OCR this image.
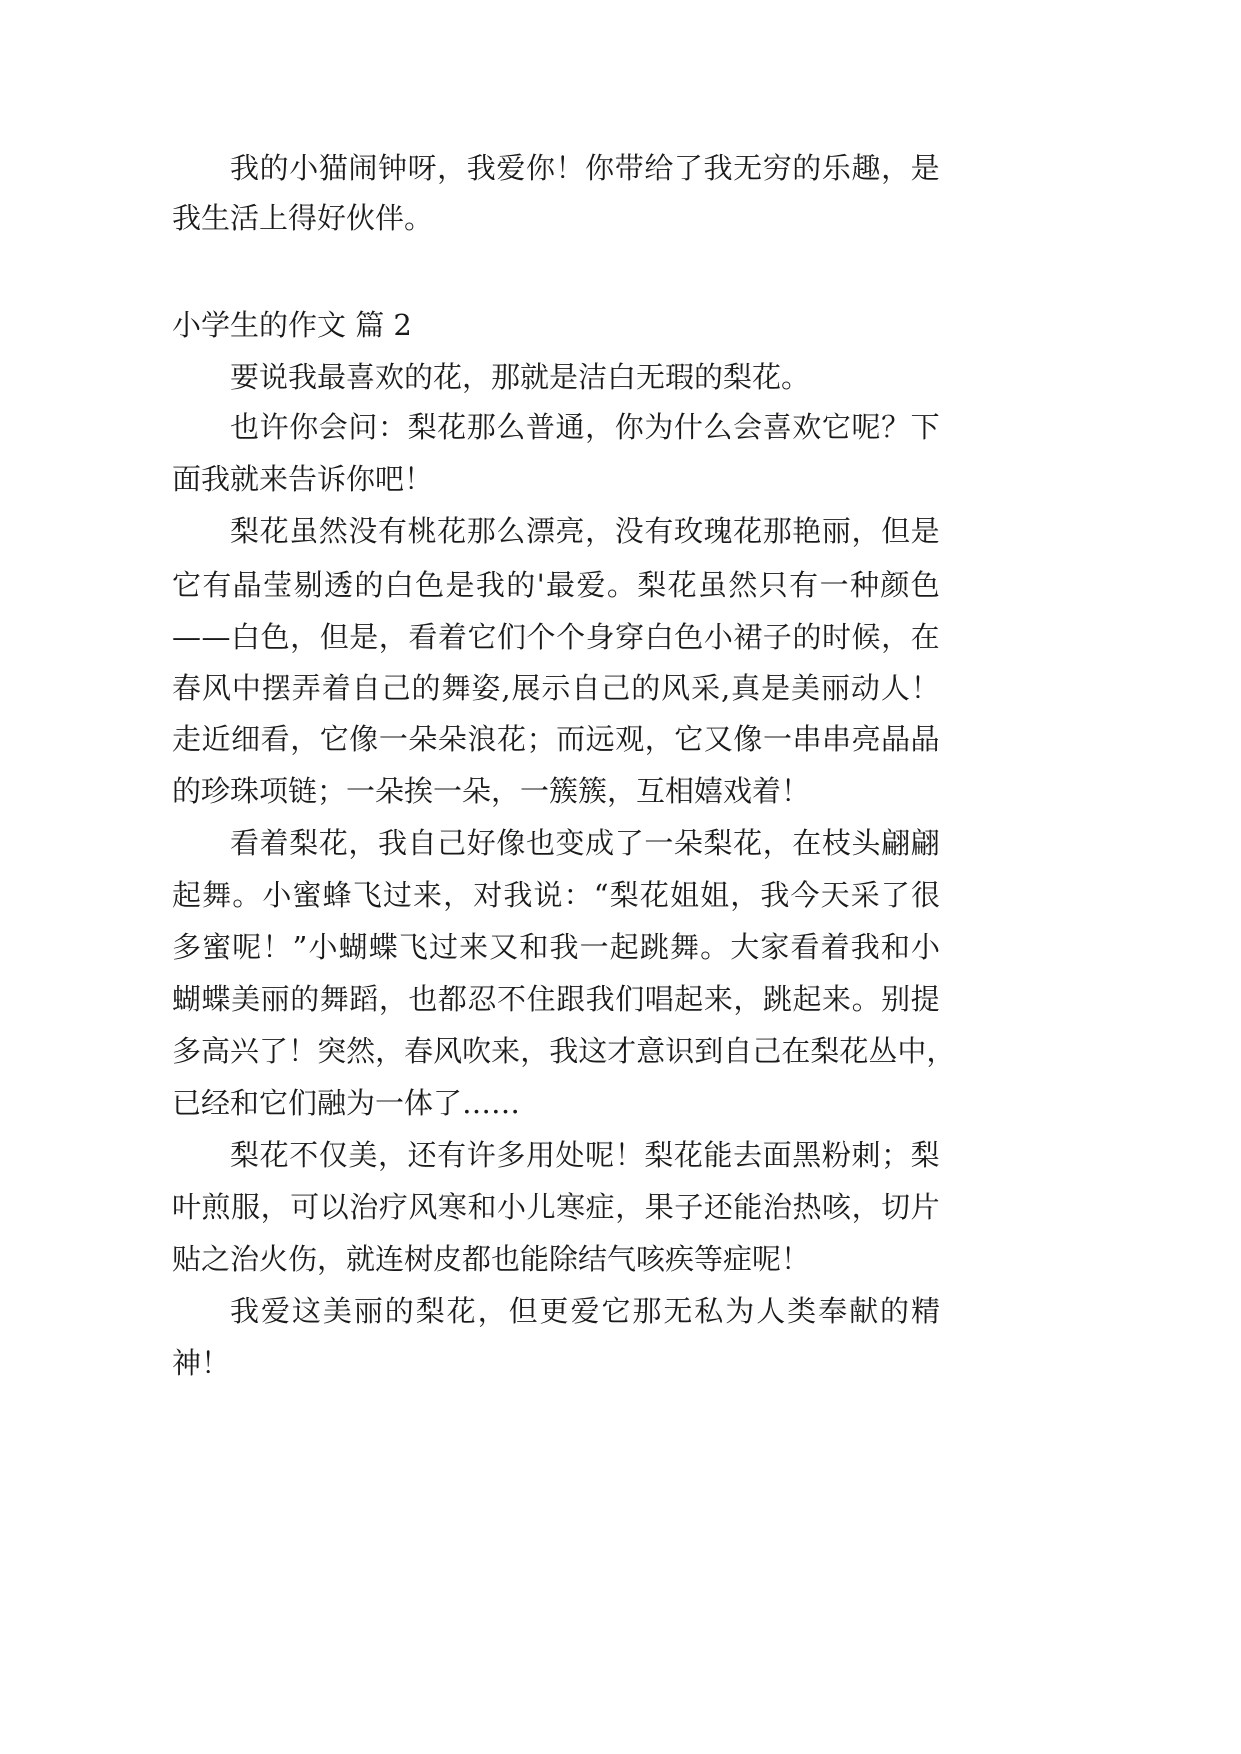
我 的 小 猫 闹 钟 呀 ， 我 爱 你 ！ 你 带 给 了 我 无 穷 的 乐 趣 ， 是
我生活上得好伙伴。
小学生的作文 篇 2
要说我最喜欢的花，那就是洁白无瑕的梨花。
也 许 你 会 问 ： 梨 花 那 么 普 通 ， 你 为 什 么 会 喜 欢 它 呢 ？ 下
面我就来告诉你吧！
梨 花 虽 然 没 有 桃 花 那 么 漂 亮 ， 没 有 玫 瑰 花 那 艳 丽 ， 但 是
它 有 晶 莹 剔 透 的 白 色 是 我 的 ' 最 爱 。 梨 花 虽 然 只 有 一 种 颜 色
— — 白 色 ， 但 是 ， 看 着 它 们 个 个 身 穿 白 色 小 裙 子 的 时 候 ， 在
春 风 中 摆 弄 着 自 己 的 舞 姿 , 展 示 自 己 的 风 采 , 真 是 美 丽 动 人 ！
走 近 细 看 ， 它 像 一 朵 朵 浪 花 ； 而 远 观 ， 它 又 像 一 串 串 亮 晶 晶
的珍珠项链；一朵挨一朵，一簇簇，互相嬉戏着！
看 着 梨 花 ， 我 自 己 好 像 也 变 成 了 一 朵 梨 花 ， 在 枝 头 翩 翩
起 舞 。 小 蜜 蜂 飞 过 来 ， 对 我 说 ： “ 梨 花 姐 姐 ， 我 今 天 采 了 很
多 蜜 呢 ！ ” 小 蝴 蝶 飞 过 来 又 和 我 一 起 跳 舞 。 大 家 看 着 我 和 小
蝴 蝶 美 丽 的 舞 蹈 ， 也 都 忍 不 住 跟 我 们 唱 起 来 ， 跳 起 来 。 别 提
多 高 兴 了 ！ 突 然 ， 春 风 吹 来 ， 我 这 才 意 识 到 自 己 在 梨 花 丛 中 ，
已经和它们融为一体了……
梨 花 不 仅 美 ， 还 有 许 多 用 处 呢 ！ 梨 花 能 去 面 黑 粉 刺 ； 梨
叶 煎 服 ， 可 以 治 疗 风 寒 和 小 儿 寒 症 ， 果 子 还 能 治 热 咳 ， 切 片
贴之治火伤，就连树皮都也能除结气咳疾等症呢！
我 爱 这 美 丽 的 梨 花 ， 但 更 爱 它 那 无 私 为 人 类 奉 献 的 精
神！
